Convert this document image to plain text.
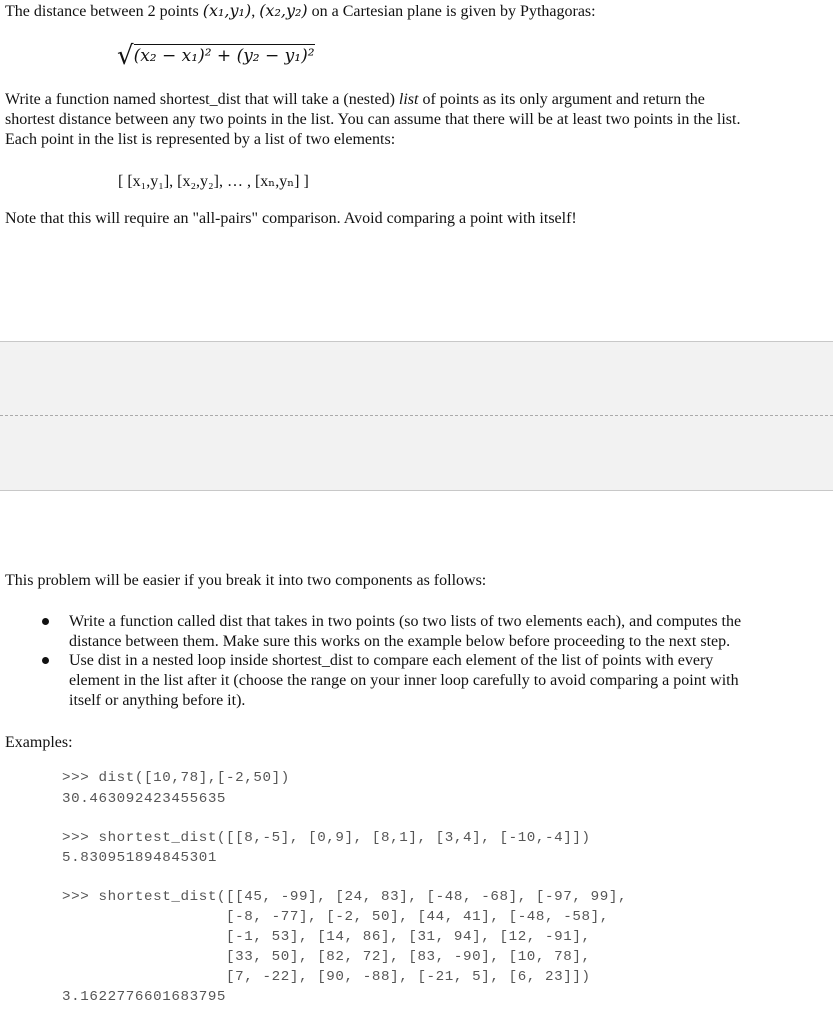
The distance between 2 points (x₁,y₁), (x₂,y₂) on a Cartesian plane is given by Pythagoras:
√(x₂ − x₁)² + (y₂ − y₁)²
Write a function named shortest_dist that will take a (nested) list of points as its only argument and return the
shortest distance between any two points in the list. You can assume that there will be at least two points in the list.
Each point in the list is represented by a list of two elements:
[ [x₁,y₁], [x₂,y₂], … , [xₙ,yₙ] ]
Note that this will require an "all-pairs" comparison. Avoid comparing a point with itself!
This problem will be easier if you break it into two components as follows:
Write a function called dist that takes in two points (so two lists of two elements each), and computes the
distance between them. Make sure this works on the example below before proceeding to the next step.
Use dist in a nested loop inside shortest_dist to compare each element of the list of points with every
element in the list after it (choose the range on your inner loop carefully to avoid comparing a point with
itself or anything before it).
Examples:
>>> dist([10,78],[-2,50])
30.463092423455635
>>> shortest_dist([[8,-5], [0,9], [8,1], [3,4], [-10,-4]])
5.830951894845301
>>> shortest_dist([[45, -99], [24, 83], [-48, -68], [-97, 99],
[-8, -77], [-2, 50], [44, 41], [-48, -58],
[-1, 53], [14, 86], [31, 94], [12, -91],
[33, 50], [82, 72], [83, -90], [10, 78],
[7, -22], [90, -88], [-21, 5], [6, 23]])
3.1622776601683795
